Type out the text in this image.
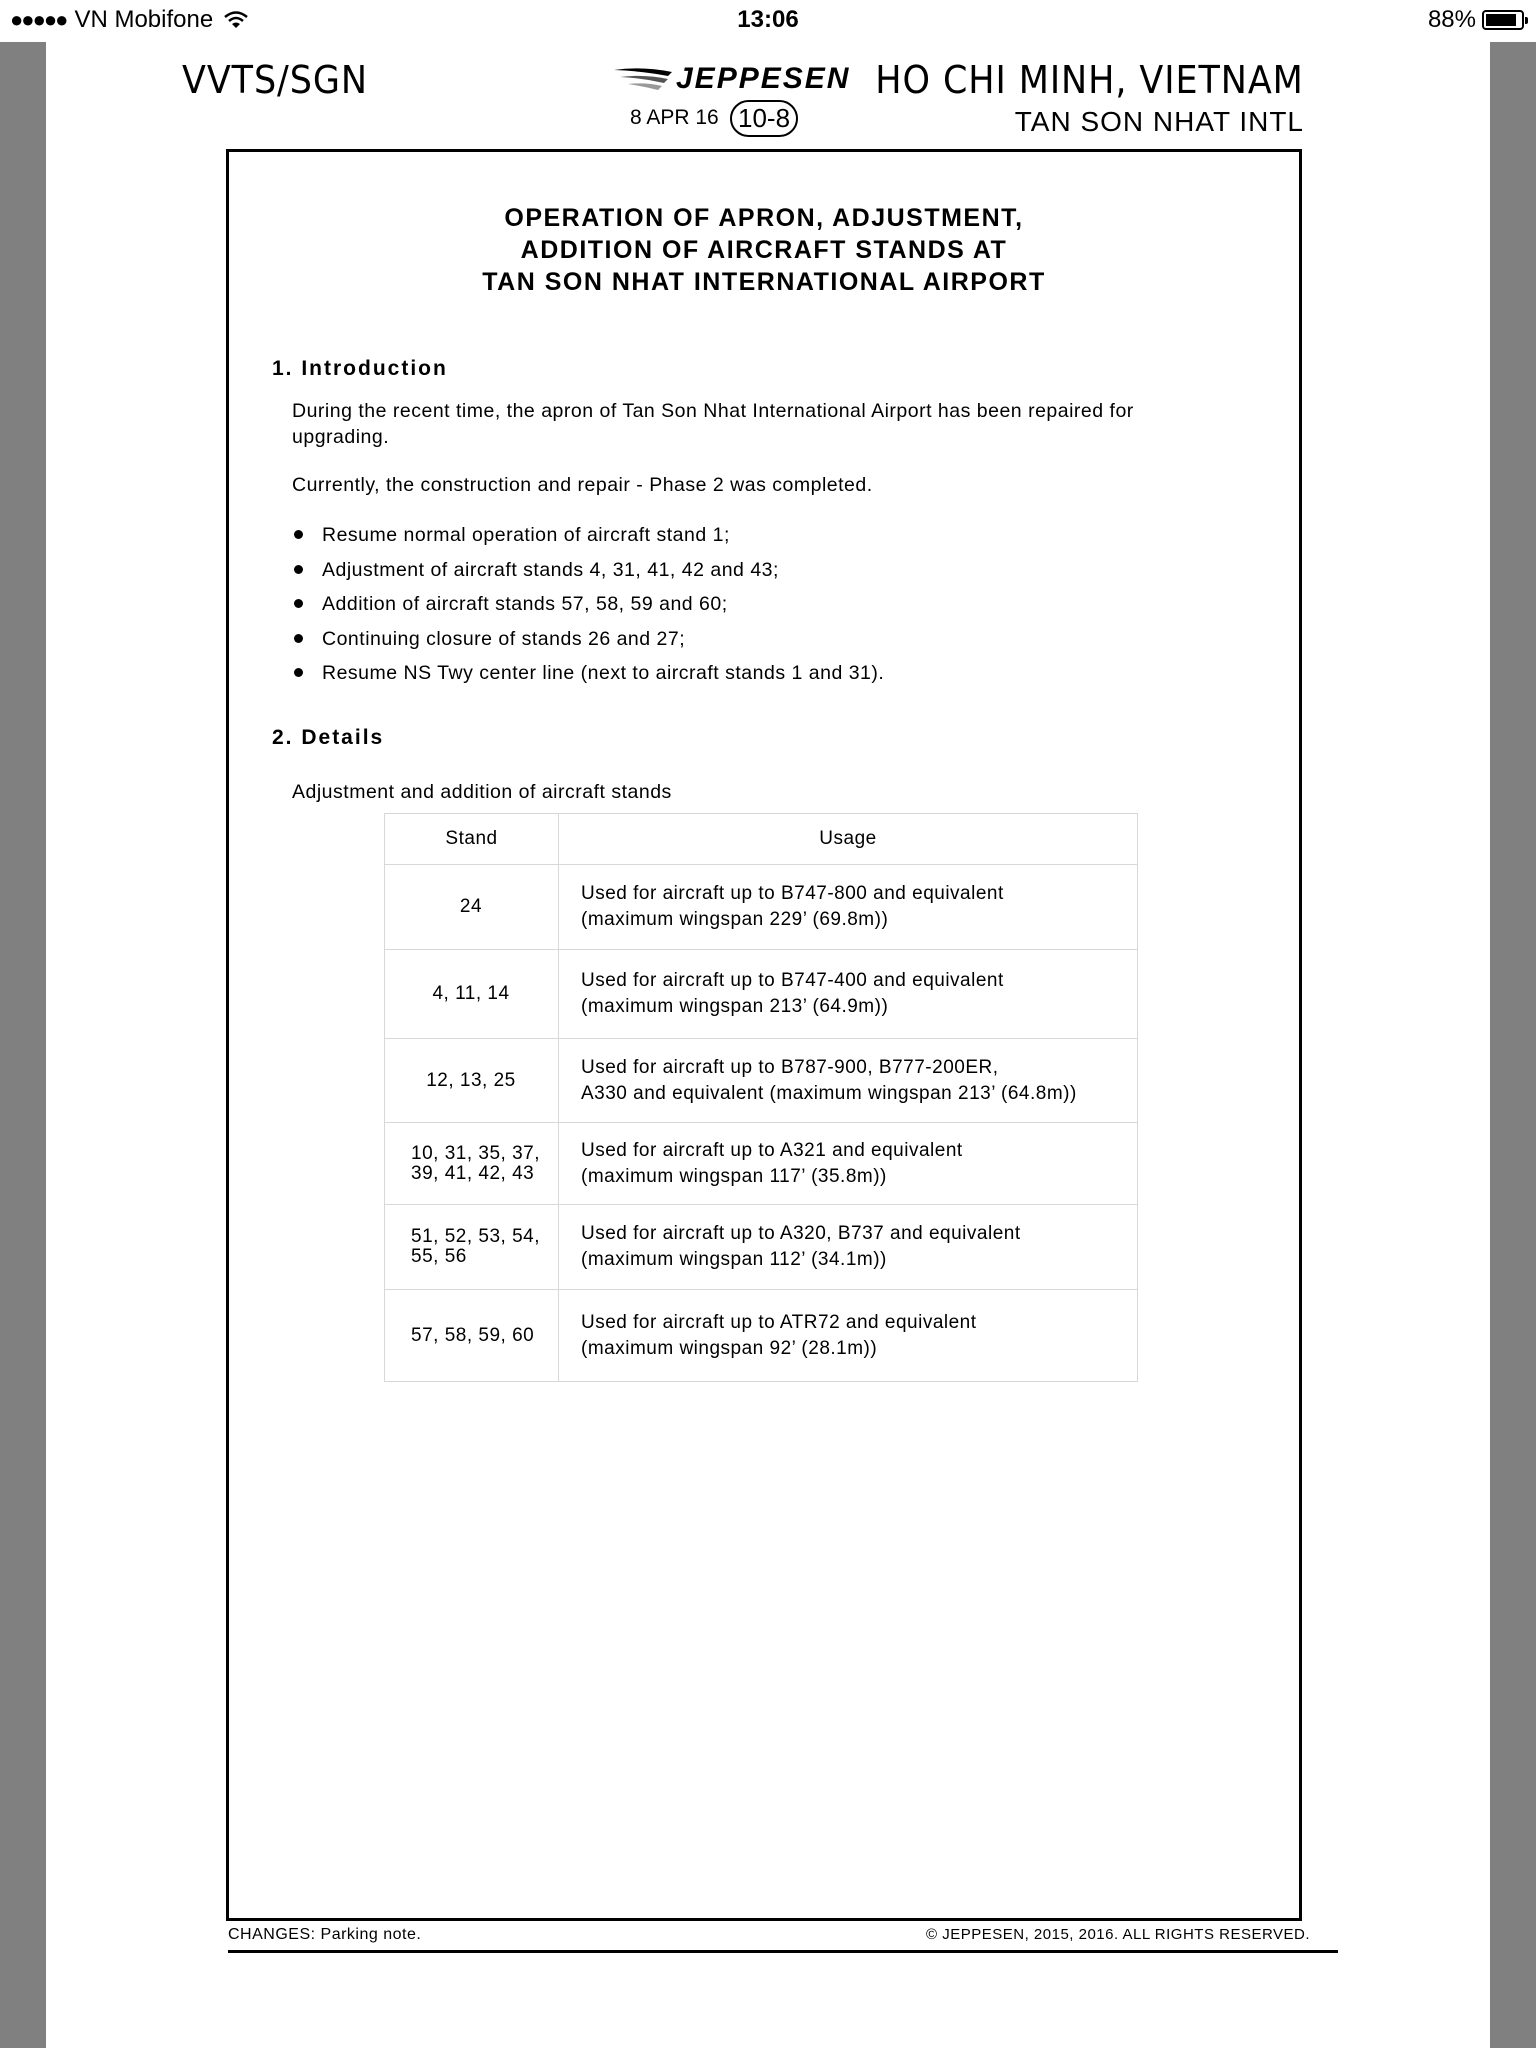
●●●●● VN Mobifone	13:06	88%
VVTS/SGN	JEPPESEN
8 APR 16 10-8
HO CHI MINH, VIETNAM
TAN SON NHAT INTL
OPERATION OF APRON, ADJUSTMENT,
ADDITION OF AIRCRAFT STANDS AT
TAN SON NHAT INTERNATIONAL AIRPORT
1. Introduction
During the recent time, the apron of Tan Son Nhat International Airport has been repaired for upgrading.
Currently, the construction and repair - Phase 2 was completed.
Resume normal operation of aircraft stand 1;
Adjustment of aircraft stands 4, 31, 41, 42 and 43;
Addition of aircraft stands 57, 58, 59 and 60;
Continuing closure of stands 26 and 27;
Resume NS Twy center line (next to aircraft stands 1 and 31).
2. Details
Adjustment and addition of aircraft stands
Stand	Usage
24	Used for aircraft up to B747-800 and equivalent
(maximum wingspan 229’ (69.8m))

4, 11, 14	Used for aircraft up to B747-400 and equivalent
(maximum wingspan 213’ (64.9m))

12, 13, 25	Used for aircraft up to B787-900, B777-200ER,
A330 and equivalent (maximum wingspan 213’ (64.8m))

10, 31, 35, 37, 39, 41, 42, 43	Used for aircraft up to A321 and equivalent
(maximum wingspan 117’ (35.8m))

51, 52, 53, 54, 55, 56	Used for aircraft up to A320, B737 and equivalent
(maximum wingspan 112’ (34.1m))

57, 58, 59, 60	Used for aircraft up to ATR72 and equivalent
(maximum wingspan 92’ (28.1m))
CHANGES: Parking note.	© JEPPESEN, 2015, 2016. ALL RIGHTS RESERVED.
